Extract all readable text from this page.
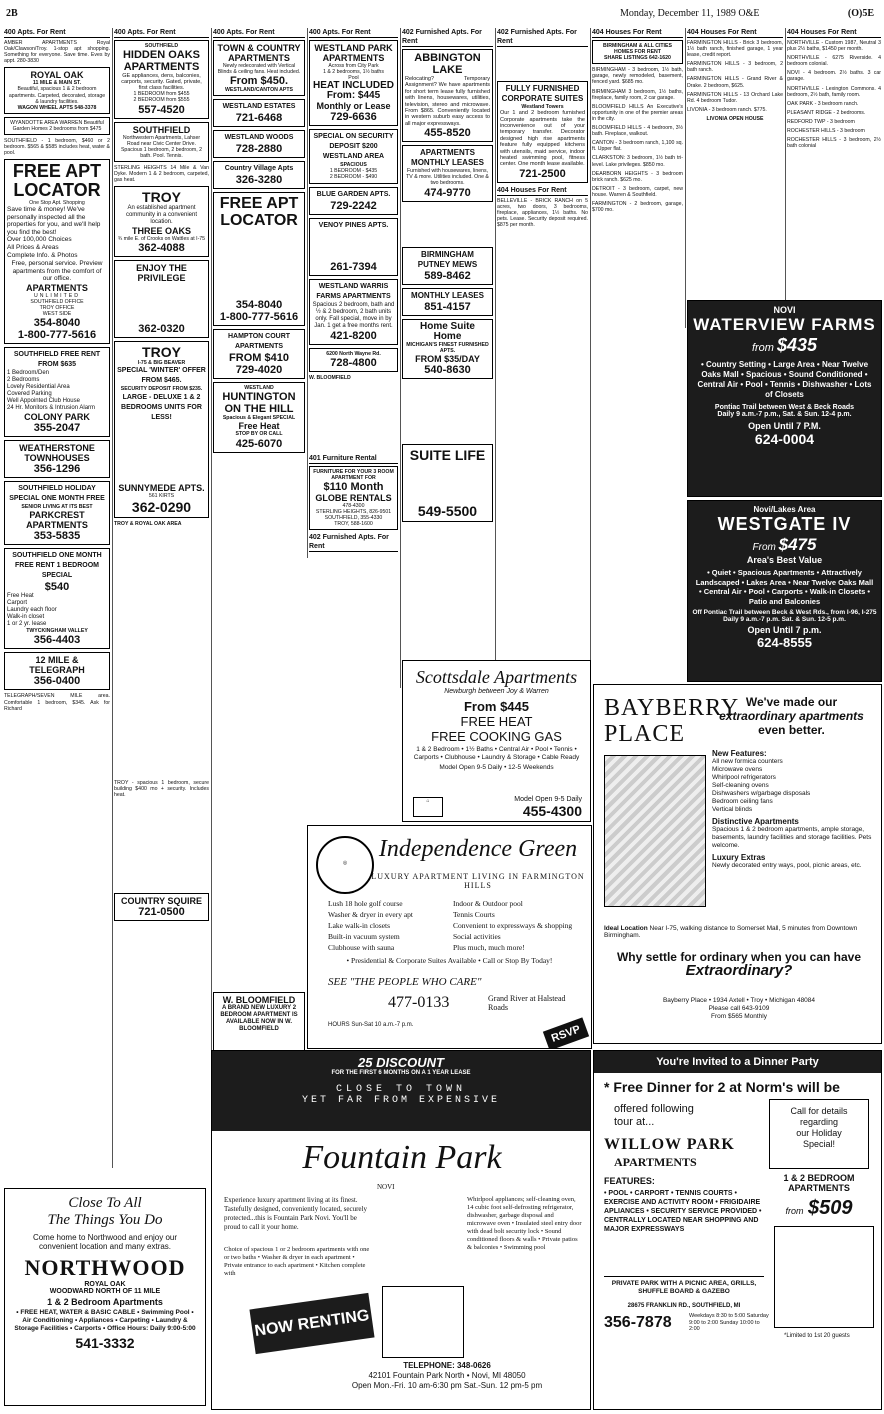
2B	Monday, December 11, 1989 O&E	(O)5E
400 Apts. For Rent
AMBER APARTMENTS Royal Oak/Clawson/Troy. 1-stop apt shopping. Something for everyone. Save time. Eves by appt. 280-3830
ROYAL OAK
11 MILE & MAIN ST.
Beautiful, spacious 1 & 2 bedroom apartments. Carpeted, decorated, storage & laundry facilities.
WAGON WHEEL APTS 548-3378
WYANDOTTE AREA WARREN Beautiful Garden Homes 2 bedrooms from $475
SOUTHFIELD - 1 bedroom, $460 or 2 bedroom. $565 & $585 includes heat, water & pool.
FREE APT LOCATOR
One Stop Apt. Shopping
Save time & money! We've personally inspected all the properties for you, and we'll help you find the best!
Over 100,000 Choices
All Prices & Areas
Complete Info. & Photos
Free, personal service. Preview apartments from the comfort of our office.
APARTMENTS
UNLIMITED
SOUTHFIELD OFFICE
TROY OFFICE
WEST SIDE
354-8040
1-800-777-5616
SOUTHFIELD FREE RENT FROM $635
1 Bedroom/Den
2 Bedrooms
Lovely Residential Area
Covered Parking
Well Appointed Club House
24 Hr. Monitors & Intrusion Alarm
COLONY PARK
355-2047
WEATHERSTONE TOWNHOUSES
356-1296
SOUTHFIELD HOLIDAY SPECIAL ONE MONTH FREE
SENIOR LIVING AT ITS BEST
PARKCREST APARTMENTS
353-5835
SOUTHFIELD ONE MONTH FREE RENT 1 BEDROOM SPECIAL
$540
Free Heat
Carport
Laundry each floor
Walk-in closet
1 or 2 yr. lease
TWYCKINGHAM VALLEY
356-4403
12 MILE & TELEGRAPH
356-0400
TELEGRAPH/SEVEN MILE area. Comfortable 1 bedroom, $345. Ask for Richard
Close To All
The Things You Do
Come home to Northwood and enjoy our convenient location and many extras.
NORTHWOOD
ROYAL OAK
WOODWARD NORTH OF 11 MILE
1 & 2 Bedroom Apartments
• FREE HEAT, WATER & BASIC CABLE • Swimming Pool • Air Conditioning • Appliances • Carpeting • Laundry & Storage Facilities • Carports • Office Hours: Daily 9:00-5:00
541-3332
400 Apts. For Rent
SOUTHFIELD
HIDDEN OAKS APARTMENTS
GE appliances, dens, balconies, carports, security. Gated, private, first class facilities.
1 BEDROOM from $455
2 BEDROOM from $555
557-4520
SOUTHFIELD
Northwestern Apartments, Lahser Road near Civic Center Drive. Spacious 1 bedroom, 2 bedroom, 2 bath. Pool. Tennis.
STERLING HEIGHTS 14 Mile & Van Dyke. Modern 1 & 2 bedroom, carpeted, gas heat.
TROY
An established apartment community in a convenient location.
THREE OAKS
¾ mile E. of Crooks on Wattles at I-75
362-4088
ENJOY THE PRIVILEGE
362-0320
TROY
I-75 & BIG BEAVER
SPECIAL 'WINTER' OFFER FROM $465.
SECURITY DEPOSIT FROM $235.
LARGE - DELUXE 1 & 2 BEDROOMS UNITS FOR LESS!
SUNNYMEDE APTS.
561 KIRTS
362-0290
TROY & ROYAL OAK AREA
TROY - spacious 1 bedroom, secure building $400 mo + security. Includes heat.
COUNTRY SQUIRE
721-0500
400 Apts. For Rent
TOWN & COUNTRY APARTMENTS
Newly redecorated with Vertical Blinds & ceiling fans. Heat included.
From $450.
WESTLAND/CANTON APTS
WESTLAND ESTATES
721-6468
WESTLAND WOODS
728-2880
Country Village Apts
326-3280
FREE APT LOCATOR
354-8040
1-800-777-5616
HAMPTON COURT APARTMENTS
FROM $410
729-4020
WESTLAND
HUNTINGTON ON THE HILL
Spacious & Elegant SPECIAL
Free Heat
STOP BY OR CALL
425-6070
W. BLOOMFIELD
A BRAND NEW LUXURY 2 BEDROOM APARTMENT IS AVAILABLE NOW IN W. BLOOMFIELD
400 Apts. For Rent
WESTLAND PARK APARTMENTS
Across from City Park
1 & 2 bedrooms, 1½ baths
Pool
HEAT INCLUDED
From: $445
Monthly or Lease
729-6636
SPECIAL ON SECURITY DEPOSIT $200
WESTLAND AREA
SPACIOUS
1 BEDROOM - $435
2 BEDROOM - $490
BLUE GARDEN APTS.
729-2242
VENOY PINES APTS.
261-7394
WESTLAND WARRIS FARMS APARTMENTS
Spacious 2 bedroom, bath and ½ & 2 bedroom, 2 bath units only. Fall special, move in by Jan. 1 get a free months rent.
421-8200
6200 North Wayne Rd.
728-4800
W. BLOOMFIELD
401 Furniture Rental
FURNITURE FOR YOUR 3 ROOM APARTMENT FOR
$110 Month
GLOBE RENTALS
478-4300
STERLING HEIGHTS, 826-9501
SOUTHFIELD, 355-4330
TROY, 588-1600
402 Furnished Apts. For Rent
402 Furnished Apts. For Rent
ABBINGTON LAKE
Relocating? Temporary Assignment? We have apartments for short term lease fully furnished with linens, housewares, utilities, television, stereo and microwave. From $865. Conveniently located in western suburb easy access to all major expressways.
455-8520
APARTMENTS MONTHLY LEASES
Furnished with housewares, linens, TV & more. Utilities included. One & two bedrooms.
474-9770
BIRMINGHAM PUTNEY MEWS
589-8462
MONTHLY LEASES
851-4157
Home Suite Home
MICHIGAN'S FINEST FURNISHED APTS.
FROM $35/DAY
540-8630
SUITE LIFE
549-5500
402 Furnished Apts. For Rent
FULLY FURNISHED CORPORATE SUITES
Westland Towers
Our 1 and 2 bedroom furnished Corporate apartments take the inconvenience out of your temporary transfer. Decorator designed high rise apartments feature fully equipped kitchens with utensils, maid service, indoor heated swimming pool, fitness center. One month lease available.
721-2500
404 Houses For Rent
BELLEVILLE - BRICK RANCH on 5 acres, two doors, 3 bedrooms, fireplace, appliances, 1½ baths. No pets. Lease. Security deposit required. $875 per month.
404 Houses For Rent
BIRMINGHAM & ALL CITIES HOMES FOR RENT
SHARE LISTINGS 642-1620
BIRMINGHAM - 3 bedroom, 1½ bath, garage, newly remodeled, basement, fenced yard. $685 mo.
BIRMINGHAM 3 bedroom, 1½ baths, fireplace, family room, 2 car garage.
BLOOMFIELD HILLS An Executive's opportunity in one of the premier areas in the city.
BLOOMFIELD HILLS - 4 bedroom, 3½ bath. Fireplace, walkout.
CANTON - 3 bedroom ranch, 1,100 sq. ft. Upper flat.
CLARKSTON: 3 bedroom, 1½ bath tri-level. Lake privileges. $850 mo.
DEARBORN HEIGHTS - 3 bedroom brick ranch. $625 mo.
DETROIT - 3 bedroom, carpet, new house. Warren & Southfield.
FARMINGTON - 2 bedroom, garage, $700 mo.
404 Houses For Rent
FARMINGTON HILLS - Brick 3 bedroom, 1½ bath ranch, finished garage, 1 year lease, credit report.
FARMINGTON HILLS - 3 bedroom, 2 bath ranch.
FARMINGTON HILLS - Grand River & Drake. 2 bedroom, $625.
FARMINGTON HILLS - 13 Orchard Lake Rd. 4 bedroom Tudor.
LIVONIA - 3 bedroom ranch. $775.
LIVONIA OPEN HOUSE
404 Houses For Rent
NORTHVILLE - Custom 1987, Neutral 3 plus 2½ baths, $1450 per month.
NORTHVILLE - 6275 Riverside. 4 bedroom colonial.
NOVI - 4 bedroom. 2½ baths. 3 car garage.
NORTHVILLE - Lexington Commons. 4 bedroom, 2½ bath, family room.
OAK PARK - 3 bedroom ranch.
PLEASANT RIDGE - 2 bedrooms.
REDFORD TWP - 3 bedroom
ROCHESTER HILLS - 3 bedroom
ROCHESTER HILLS - 3 bedroom, 2½ bath colonial
NOVI
WATERVIEW FARMS
from $435
• Country Setting • Large Area • Near Twelve Oaks Mall • Spacious • Sound Conditioned • Central Air • Pool • Tennis • Dishwasher • Lots of Closets
Pontiac Trail between West & Beck Roads
Daily 9 a.m.-7 p.m., Sat. & Sun. 12-4 p.m.
Open Until 7 P.M.
624-0004
Novi/Lakes Area
WESTGATE IV
From $475
Area's Best Value
• Quiet • Spacious Apartments • Attractively Landscaped • Lakes Area • Near Twelve Oaks Mall • Central Air • Pool • Carports • Walk-in Closets • Patio and Balconies
Off Pontiac Trail between Beck & West Rds., from I-96, I-275
Daily 9 a.m.-7 p.m. Sat. & Sun. 12-5 p.m.
Open Until 7 p.m.
624-8555
Scottsdale Apartments
Newburgh between Joy & Warren
From $445
FREE HEAT
FREE COOKING GAS
1 & 2 Bedroom • 1½ Baths • Central Air • Pool • Tennis • Carports • Clubhouse • Laundry & Storage • Cable Ready
Model Open 9-5 Daily • 12-5 Weekends
⌂	Model Open 9-5 Daily
455-4300
◎
Independence Green
LUXURY APARTMENT LIVING IN FARMINGTON HILLS
Lush 18 hole golf course
Washer & dryer in every apt
Lake walk-in closets
Built-in vacuum system
Clubhouse with sauna
Indoor & Outdoor pool
Tennis Courts
Convenient to expressways & shopping
Social activities
Plus much, much more!
• Presidential & Corporate Suites Available • Call or Stop By Today!
SEE "THE PEOPLE WHO CARE"
477-0133	Grand River at Halstead Roads
HOURS Sun-Sat 10 a.m.-7 p.m.	RSVP
BAYBERRY PLACE
We've made our
extraordinary apartments
even better.
New Features:
All new formica counters
Microwave ovens
Whirlpool refrigerators
Self-cleaning ovens
Dishwashers w/garbage disposals
Bedroom ceiling fans
Vertical blinds
Distinctive Apartments
Spacious 1 & 2 bedroom apartments, ample storage, basements, laundry facilities and storage facilities. Pets welcome.
Luxury Extras
Newly decorated entry ways, pool, picnic areas, etc.
Ideal Location Near I-75, walking distance to Somerset Mall, 5 minutes from Downtown Birmingham.
Why settle for ordinary when you can have
Extraordinary?
Bayberry Place • 1934 Axtell • Troy • Michigan 48084
Please call 643-9109
From $565 Monthly
25 DISCOUNT
FOR THE FIRST 6 MONTHS ON A 1 YEAR LEASE
CLOSE TO TOWN
YET FAR FROM EXPENSIVE
Fountain Park
NOVI
Experience luxury apartment living at its finest. Tastefully designed, conveniently located, securely protected...this is Fountain Park Novi. You'll be proud to call it your home.
Choice of spacious 1 or 2 bedroom apartments with one or two baths • Washer & dryer in each apartment • Private entrance to each apartment • Kitchen complete with
Whirlpool appliances; self-cleaning oven, 14 cubic foot self-defrosting refrigerator, dishwasher, garbage disposal and microwave oven • Insulated steel entry door with dead bolt security lock • Sound conditioned floors & walls • Private patios & balconies • Swimming pool
NOW RENTING
TELEPHONE: 348-0626
42101 Fountain Park North • Novi, MI 48050
Open Mon.-Fri. 10 am-6:30 pm Sat.-Sun. 12 pm-5 pm
You're Invited to a Dinner Party
* Free Dinner for 2 at Norm's will be
offered following
tour at...
WILLOW PARK
APARTMENTS
Call for details
regarding
our Holiday
Special!
1 & 2 BEDROOM APARTMENTS
from $509
FEATURES:
• POOL • CARPORT • TENNIS COURTS • EXERCISE AND ACTIVITY ROOM • FRIGIDAIRE APLIANCES • SECURITY SERVICE PROVIDED • CENTRALLY LOCATED NEAR SHOPPING AND MAJOR EXPRESSWAYS
PRIVATE PARK WITH A PICNIC AREA, GRILLS, SHUFFLE BOARD & GAZEBO
28675 FRANKLIN RD., SOUTHFIELD, MI
356-7878	Weekdays 8:30 to 5:00 Saturday 9:00 to 2:00 Sunday 10:00 to 2:00
*Limited to 1st 20 guests
